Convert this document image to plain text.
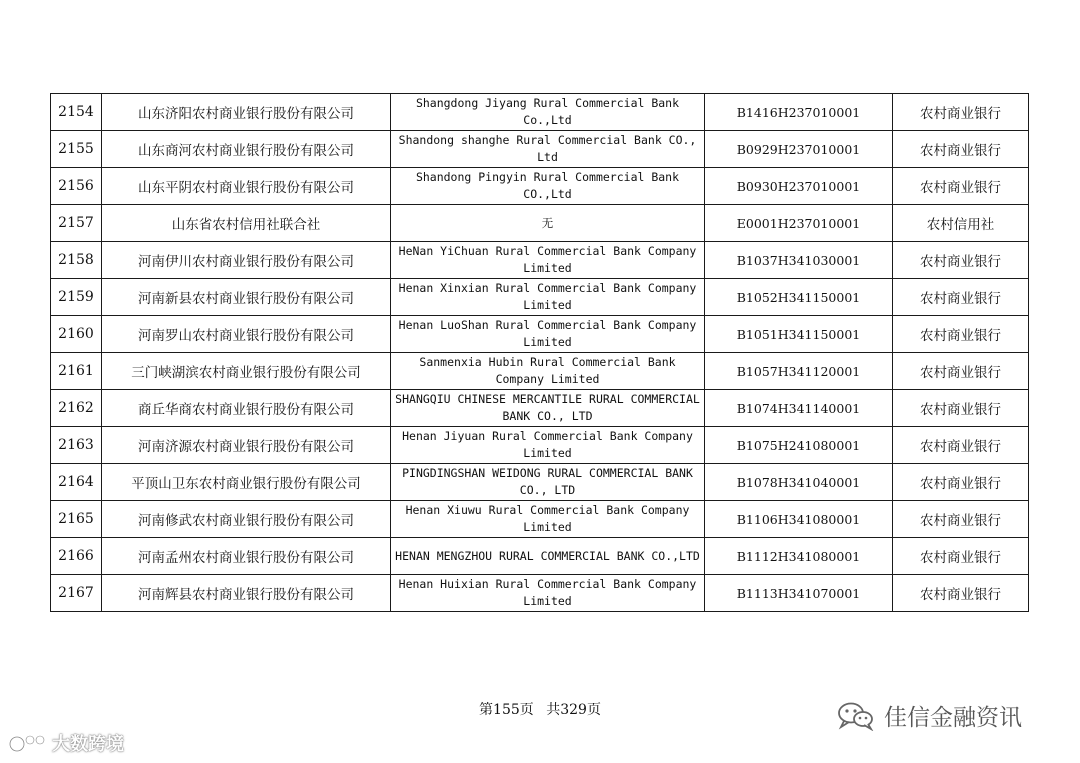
2154	山东济阳农村商业银行股份有限公司	Shangdong Jiyang Rural Commercial Bank Co.,Ltd	B1416H237010001	农村商业银行
2155	山东商河农村商业银行股份有限公司	Shandong shanghe Rural Commercial Bank CO., Ltd	B0929H237010001	农村商业银行
2156	山东平阴农村商业银行股份有限公司	Shandong Pingyin Rural Commercial Bank CO.,Ltd	B0930H237010001	农村商业银行
2157	山东省农村信用社联合社	无	E0001H237010001	农村信用社
2158	河南伊川农村商业银行股份有限公司	HeNan YiChuan Rural Commercial Bank Company Limited	B1037H341030001	农村商业银行
2159	河南新县农村商业银行股份有限公司	Henan Xinxian Rural Commercial Bank Company Limited	B1052H341150001	农村商业银行
2160	河南罗山农村商业银行股份有限公司	Henan LuoShan Rural Commercial Bank Company Limited	B1051H341150001	农村商业银行
2161	三门峡湖滨农村商业银行股份有限公司	Sanmenxia Hubin Rural Commercial Bank Company Limited	B1057H341120001	农村商业银行
2162	商丘华商农村商业银行股份有限公司	SHANGQIU CHINESE MERCANTILE RURAL COMMERCIAL BANK CO., LTD	B1074H341140001	农村商业银行
2163	河南济源农村商业银行股份有限公司	Henan Jiyuan Rural Commercial Bank Company Limited	B1075H241080001	农村商业银行
2164	平顶山卫东农村商业银行股份有限公司	PINGDINGSHAN WEIDONG RURAL COMMERCIAL BANK CO., LTD	B1078H341040001	农村商业银行
2165	河南修武农村商业银行股份有限公司	Henan Xiuwu Rural Commercial Bank Company Limited	B1106H341080001	农村商业银行
2166	河南孟州农村商业银行股份有限公司	HENAN MENGZHOU RURAL COMMERCIAL BANK CO.,LTD	B1112H341080001	农村商业银行
2167	河南辉县农村商业银行股份有限公司	Henan Huixian Rural Commercial Bank Company Limited	B1113H341070001	农村商业银行
第155页 共329页
大数跨境
佳信金融资讯
